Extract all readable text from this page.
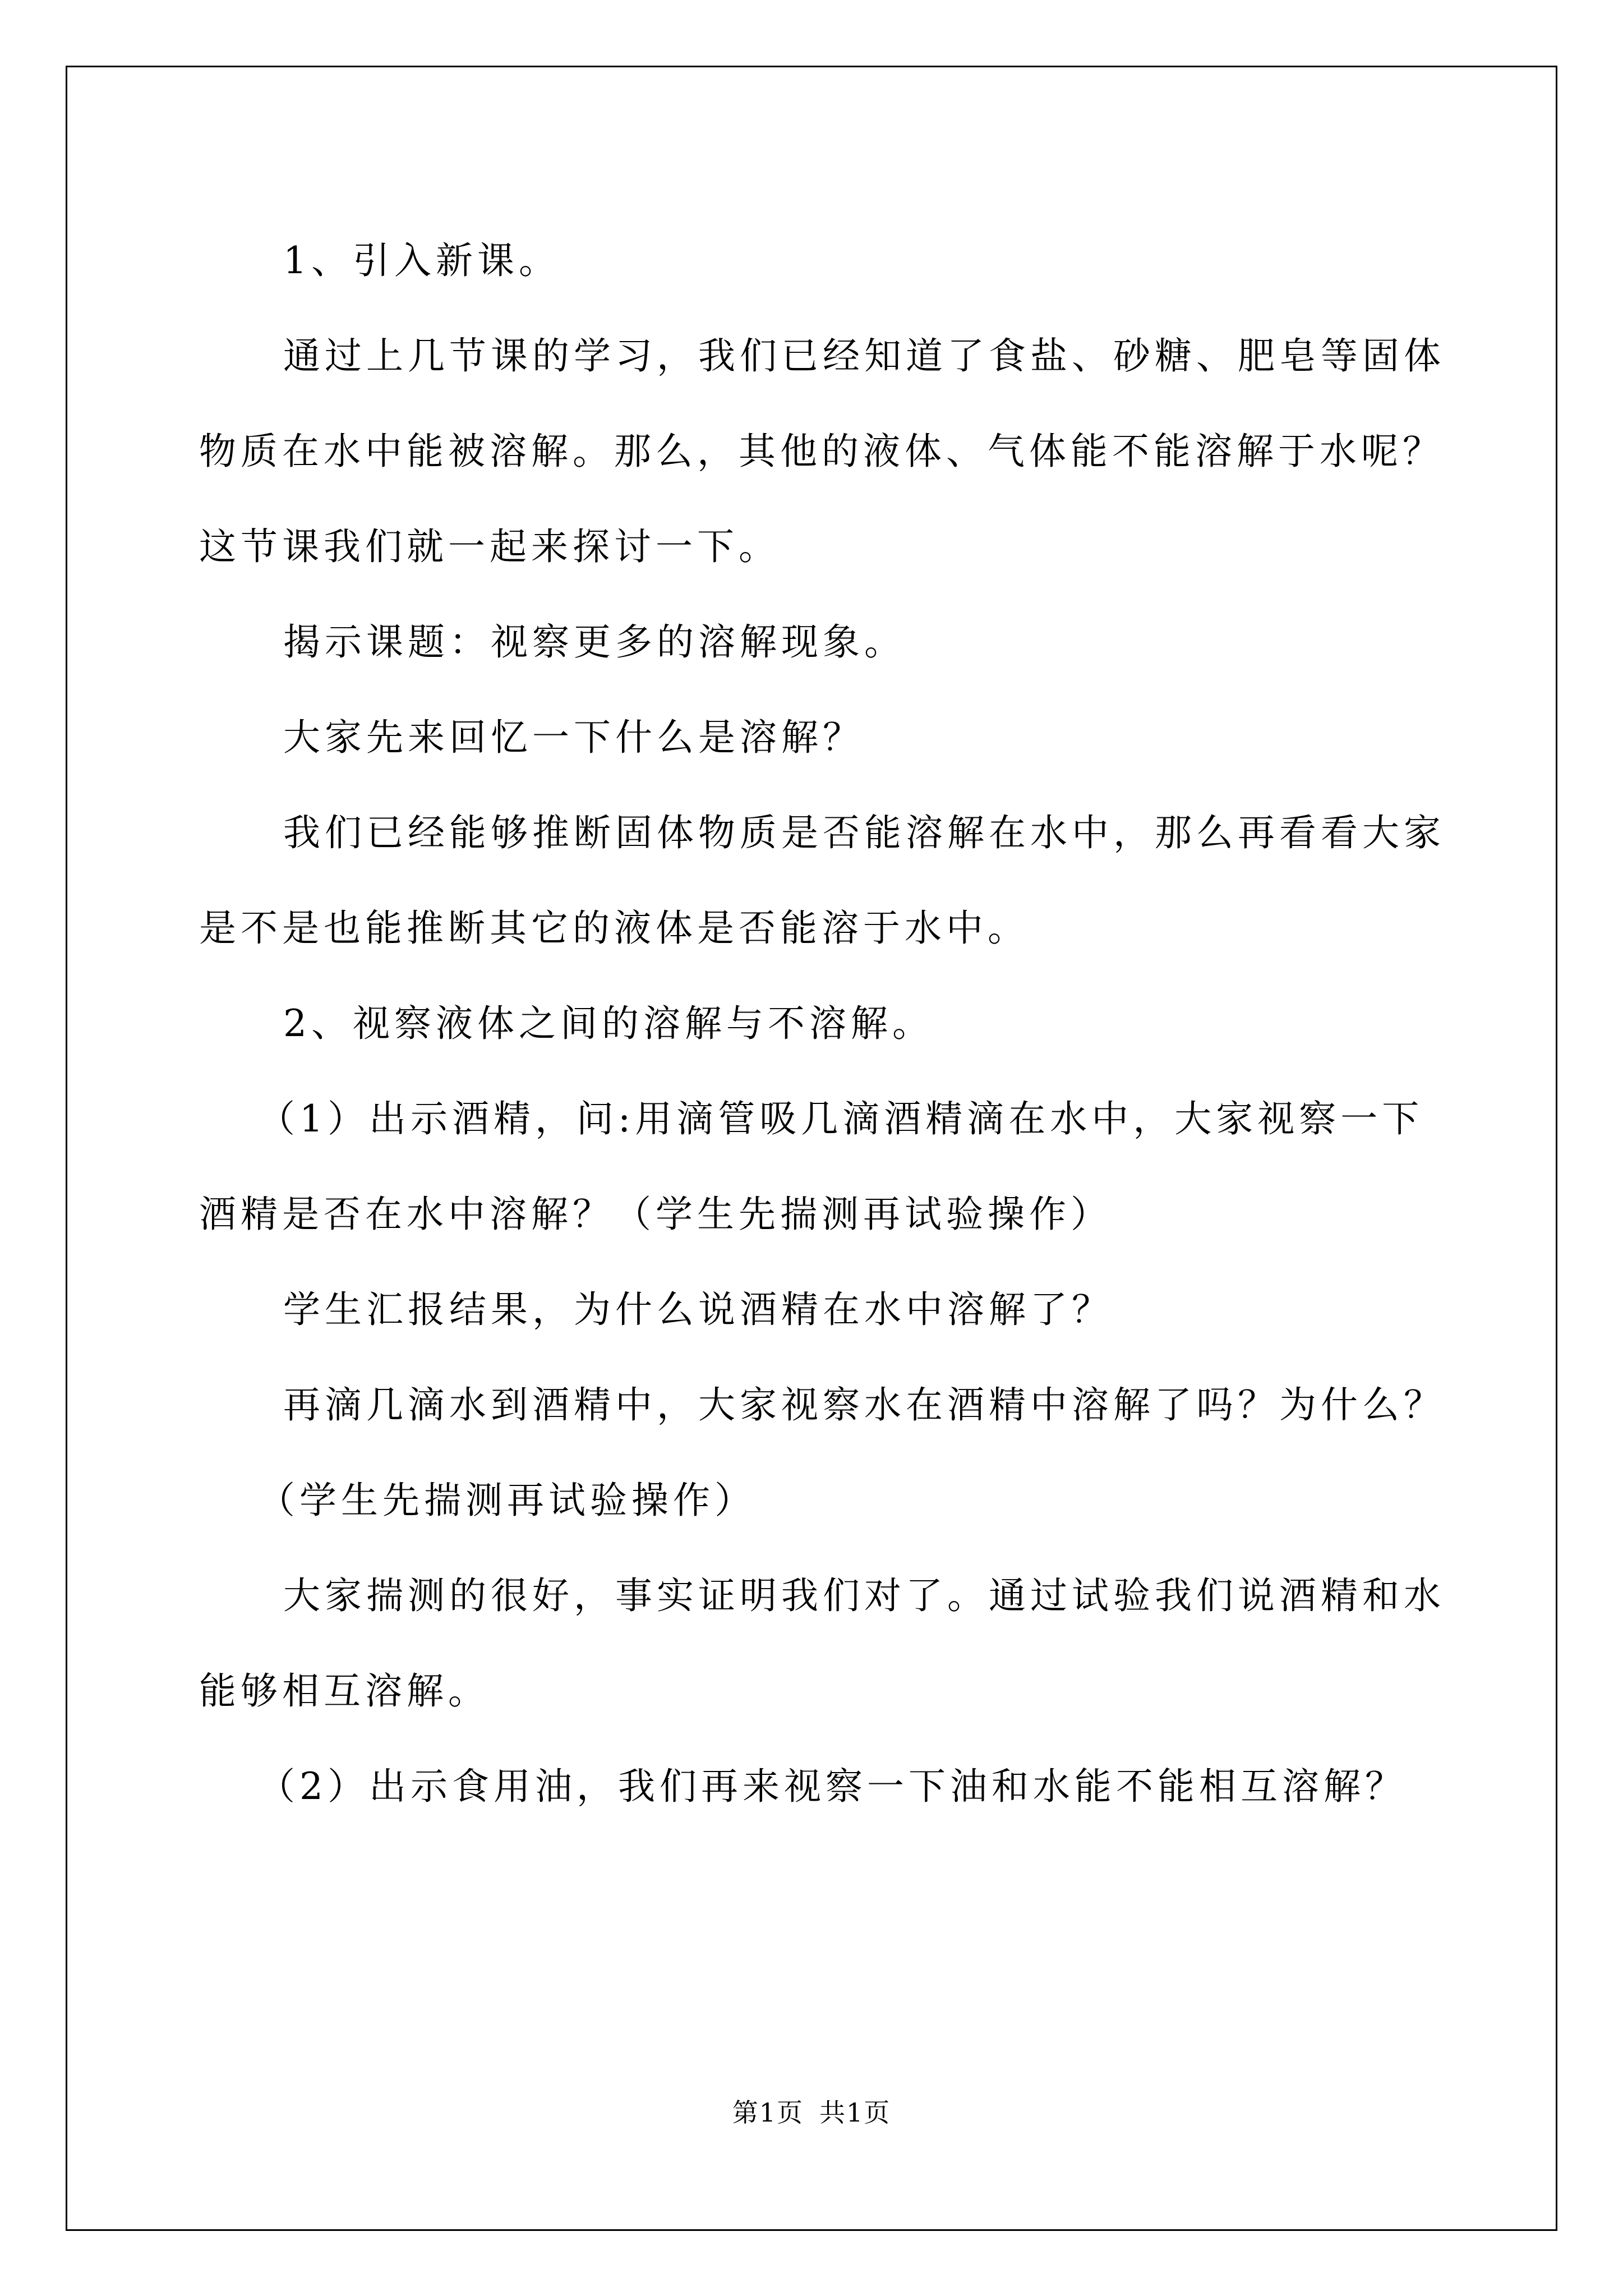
1、引入新课。

通过上几节课的学习，我们已经知道了食盐、砂糖、肥皂等固体

物质在水中能被溶解。那么，其他的液体、气体能不能溶解于水呢？

这节课我们就一起来探讨一下。

揭示课题：视察更多的溶解现象。

大家先来回忆一下什么是溶解？

我们已经能够推断固体物质是否能溶解在水中，那么再看看大家

是不是也能推断其它的液体是否能溶于水中。

2、视察液体之间的溶解与不溶解。

（1）出示酒精，问:用滴管吸几滴酒精滴在水中，大家视察一下

酒精是否在水中溶解？（学生先揣测再试验操作）

学生汇报结果，为什么说酒精在水中溶解了？

再滴几滴水到酒精中，大家视察水在酒精中溶解了吗？为什么？

（学生先揣测再试验操作）

大家揣测的很好，事实证明我们对了。通过试验我们说酒精和水

能够相互溶解。

（2）出示食用油，我们再来视察一下油和水能不能相互溶解？

第1页 共1页
